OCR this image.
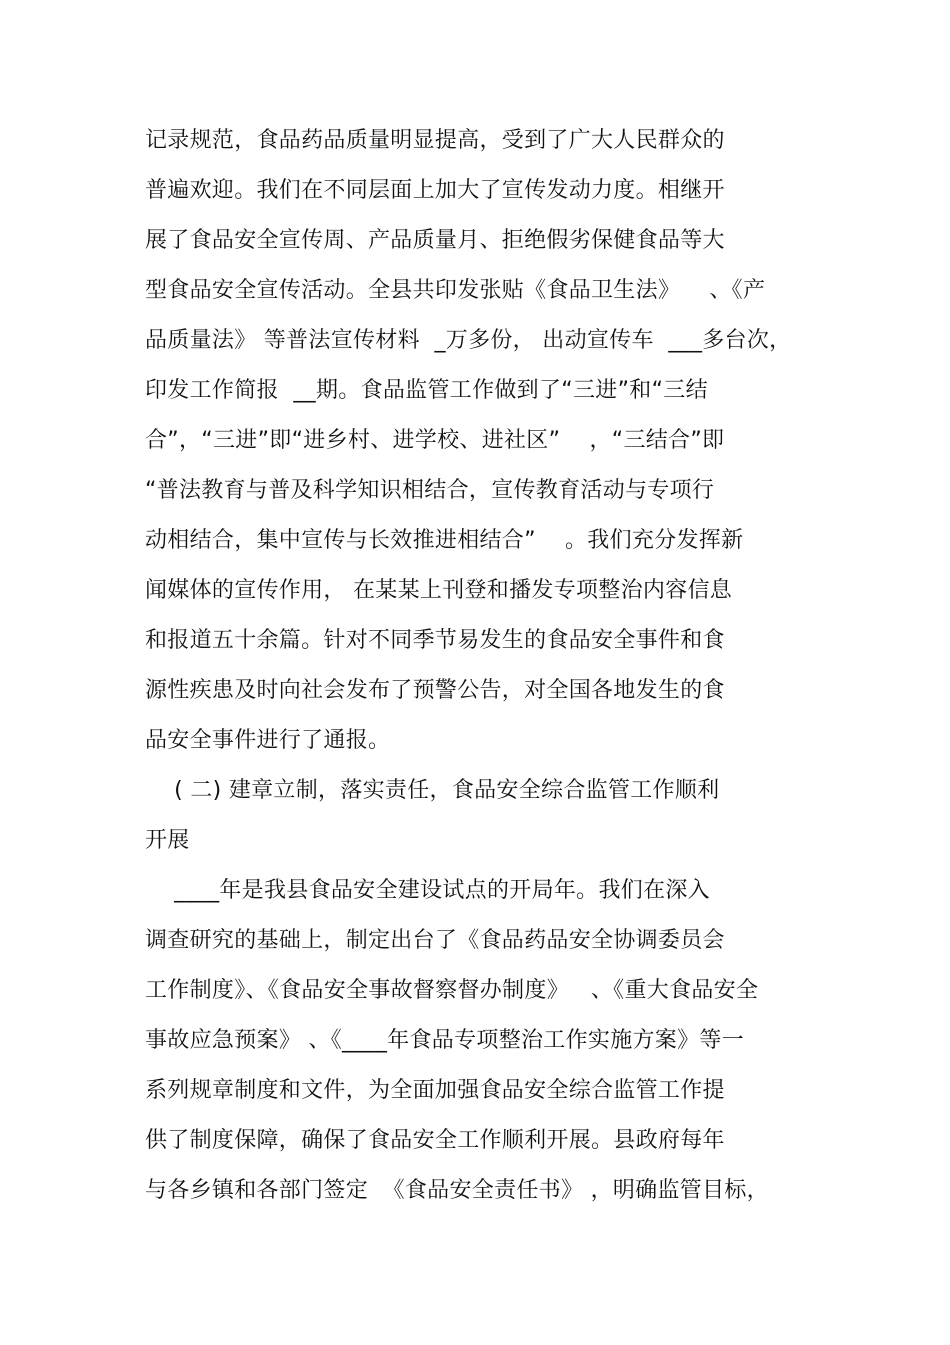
记录规范，食品药品质量明显提高，受到了广大人民群众的
普遍欢迎。我们在不同层面上加大了宣传发动力度。相继开
展了食品安全宣传周、产品质量月、拒绝假劣保健食品等大
型食品安全宣传活动。全县共印发张贴《食品卫生法》    、《产
品质量法》 等普法宣传材料  _万多份， 出动宣传车  ___多台次，
印发工作简报  __期。食品监管工作做到了“三进”和“三结
合”，“三进”即“进乡村、进学校、进社区”    ，“三结合”即
“普法教育与普及科学知识相结合，宣传教育活动与专项行
动相结合，集中宣传与长效推进相结合”    。我们充分发挥新
闻媒体的宣传作用， 在某某上刊登和播发专项整治内容信息
和报道五十余篇。针对不同季节易发生的食品安全事件和食
源性疾患及时向社会发布了预警公告，对全国各地发生的食
品安全事件进行了通报。
( 二) 建章立制，落实责任，食品安全综合监管工作顺利
开展
____年是我县食品安全建设试点的开局年。我们在深入
调查研究的基础上，制定出台了《食品药品安全协调委员会
工作制度》、《食品安全事故督察督办制度》   、《重大食品安全
事故应急预案》 、《____年食品专项整治工作实施方案》等一
系列规章制度和文件，为全面加强食品安全综合监管工作提
供了制度保障，确保了食品安全工作顺利开展。县政府每年
与各乡镇和各部门签定  《食品安全责任书》 ，明确监管目标，
